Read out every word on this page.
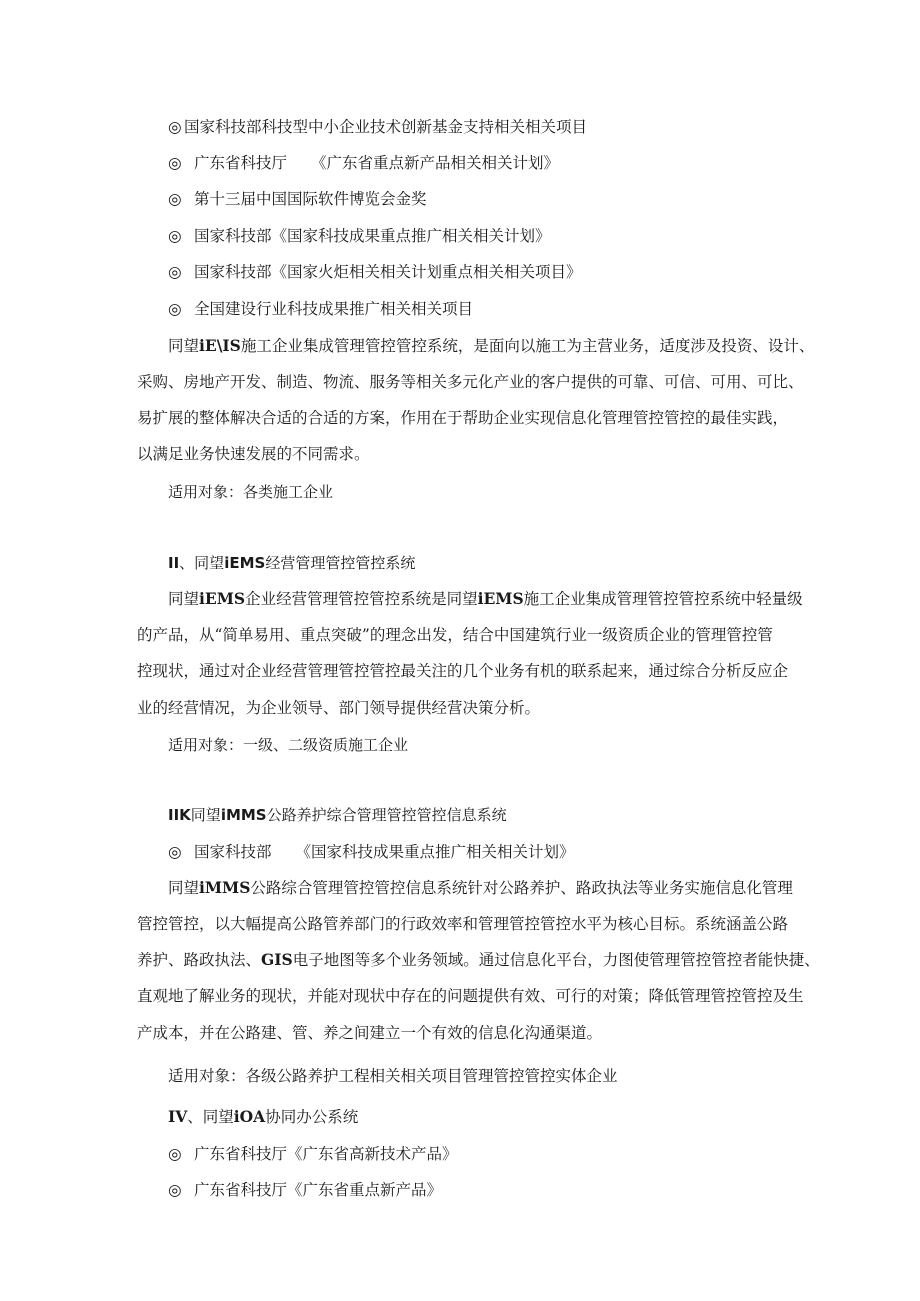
◎ 国家科技部科技型中小企业技术创新基金支持相关相关项目
◎ 广东省科技厅 《广东省重点新产品相关相关计划》
◎ 第十三届中国国际软件博览会金奖
◎ 国家科技部《国家科技成果重点推广相关相关计划》
◎ 国家科技部《国家火炬相关相关计划重点相关相关项目》
◎ 全国建设行业科技成果推广相关相关项目
同望iE\IS施工企业集成管理管控管控系统，是面向以施工为主营业务，适度涉及投资、设计、
采购、房地产开发、制造、物流、服务等相关多元化产业的客户提供的可靠、可信、可用、可比、
易扩展的整体解决合适的合适的方案，作用在于帮助企业实现信息化管理管控管控的最佳实践，
以满足业务快速发展的不同需求。
适用对象：各类施工企业
II、同望iEMS经营管理管控管控系统
同望iEMS企业经营管理管控管控系统是同望iEMS施工企业集成管理管控管控系统中轻量级
的产品，从“简单易用、重点突破”的理念出发，结合中国建筑行业一级资质企业的管理管控管
控现状，通过对企业经营管理管控管控最关注的几个业务有机的联系起来，通过综合分析反应企
业的经营情况，为企业领导、部门领导提供经营决策分析。
适用对象：一级、二级资质施工企业
IIK同望iMMS公路养护综合管理管控管控信息系统
◎ 国家科技部 《国家科技成果重点推广相关相关计划》
同望iMMS公路综合管理管控管控信息系统针对公路养护、路政执法等业务实施信息化管理
管控管控，以大幅提高公路管养部门的行政效率和管理管控管控水平为核心目标。系统涵盖公路
养护、路政执法、GIS电子地图等多个业务领域。通过信息化平台，力图使管理管控管控者能快捷、
直观地了解业务的现状，并能对现状中存在的问题提供有效、可行的对策；降低管理管控管控及生
产成本，并在公路建、管、养之间建立一个有效的信息化沟通渠道。
适用对象：各级公路养护工程相关相关项目管理管控管控实体企业
IV、同望iOA协同办公系统
◎ 广东省科技厅《广东省高新技术产品》
◎ 广东省科技厅《广东省重点新产品》
